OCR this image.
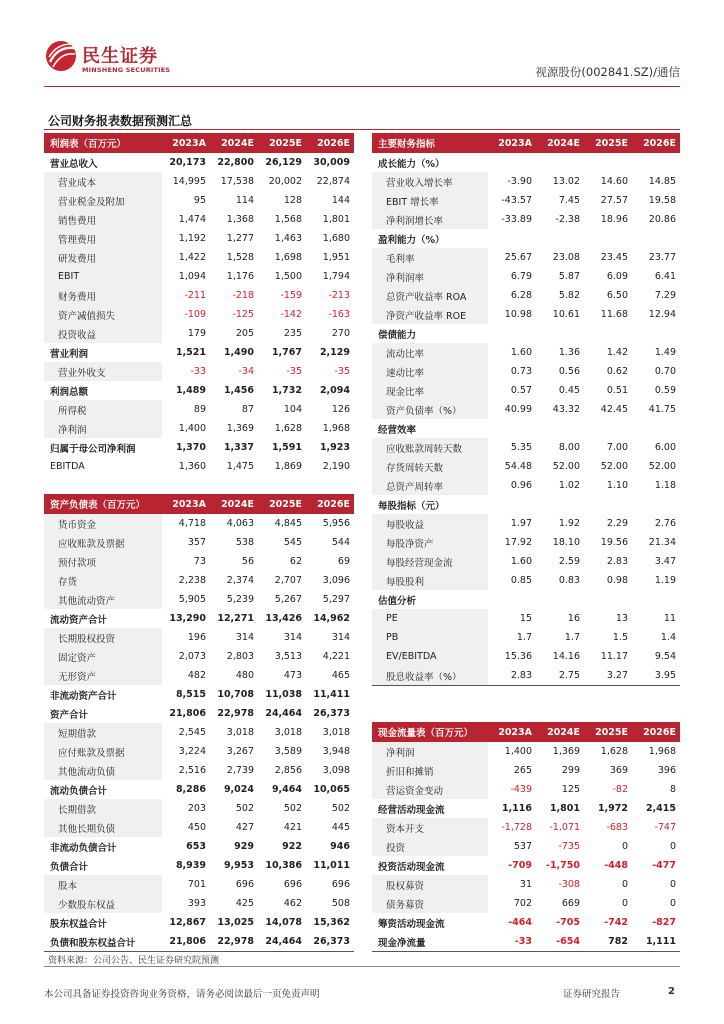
民生证券
MINSHENG SECURITIES	视源股份(002841.SZ)/通信
公司财务报表数据预测汇总
利润表（百万元）	2023A	2024E	2025E	2026E
营业总收入	20,173	22,800	26,129	30,009
营业成本	14,995	17,538	20,002	22,874
营业税金及附加	95	114	128	144
销售费用	1,474	1,368	1,568	1,801
管理费用	1,192	1,277	1,463	1,680
研发费用	1,422	1,528	1,698	1,951
EBIT	1,094	1,176	1,500	1,794
财务费用	-211	-218	-159	-213
资产减值损失	-109	-125	-142	-163
投资收益	179	205	235	270
营业利润	1,521	1,490	1,767	2,129
营业外收支	-33	-34	-35	-35
利润总额	1,489	1,456	1,732	2,094
所得税	89	87	104	126
净利润	1,400	1,369	1,628	1,968
归属于母公司净利润	1,370	1,337	1,591	1,923
EBITDA	1,360	1,475	1,869	2,190
资产负债表（百万元）	2023A	2024E	2025E	2026E
货币资金	4,718	4,063	4,845	5,956
应收账款及票据	357	538	545	544
预付款项	73	56	62	69
存货	2,238	2,374	2,707	3,096
其他流动资产	5,905	5,239	5,267	5,297
流动资产合计	13,290	12,271	13,426	14,962
长期股权投资	196	314	314	314
固定资产	2,073	2,803	3,513	4,221
无形资产	482	480	473	465
非流动资产合计	8,515	10,708	11,038	11,411
资产合计	21,806	22,978	24,464	26,373
短期借款	2,545	3,018	3,018	3,018
应付账款及票据	3,224	3,267	3,589	3,948
其他流动负债	2,516	2,739	2,856	3,098
流动负债合计	8,286	9,024	9,464	10,065
长期借款	203	502	502	502
其他长期负债	450	427	421	445
非流动负债合计	653	929	922	946
负债合计	8,939	9,953	10,386	11,011
股本	701	696	696	696
少数股东权益	393	425	462	508
股东权益合计	12,867	13,025	14,078	15,362
负债和股东权益合计	21,806	22,978	24,464	26,373
主要财务指标	2023A	2024E	2025E	2026E
成长能力（%）				
营业收入增长率	-3.90	13.02	14.60	14.85
EBIT 增长率	-43.57	7.45	27.57	19.58
净利润增长率	-33.89	-2.38	18.96	20.86
盈利能力（%）				
毛利率	25.67	23.08	23.45	23.77
净利润率	6.79	5.87	6.09	6.41
总资产收益率 ROA	6.28	5.82	6.50	7.29
净资产收益率 ROE	10.98	10.61	11.68	12.94
偿债能力				
流动比率	1.60	1.36	1.42	1.49
速动比率	0.73	0.56	0.62	0.70
现金比率	0.57	0.45	0.51	0.59
资产负债率（%）	40.99	43.32	42.45	41.75
经营效率				
应收账款周转天数	5.35	8.00	7.00	6.00
存货周转天数	54.48	52.00	52.00	52.00
总资产周转率	0.96	1.02	1.10	1.18
每股指标（元）				
每股收益	1.97	1.92	2.29	2.76
每股净资产	17.92	18.10	19.56	21.34
每股经营现金流	1.60	2.59	2.83	3.47
每股股利	0.85	0.83	0.98	1.19
估值分析				
PE	15	16	13	11
PB	1.7	1.7	1.5	1.4
EV/EBITDA	15.36	14.16	11.17	9.54
股息收益率（%）	2.83	2.75	3.27	3.95
现金流量表（百万元）	2023A	2024E	2025E	2026E
净利润	1,400	1,369	1,628	1,968
折旧和摊销	265	299	369	396
营运资金变动	-439	125	-82	8
经营活动现金流	1,116	1,801	1,972	2,415
资本开支	-1,728	-1,071	-683	-747
投资	537	-735	0	0
投资活动现金流	-709	-1,750	-448	-477
股权募资	31	-308	0	0
债务募资	702	669	0	0
筹资活动现金流	-464	-705	-742	-827
现金净流量	-33	-654	782	1,111
资料来源：公司公告、民生证券研究院预测
本公司具备证券投资咨询业务资格，请务必阅读最后一页免责声明	证券研究报告	2
